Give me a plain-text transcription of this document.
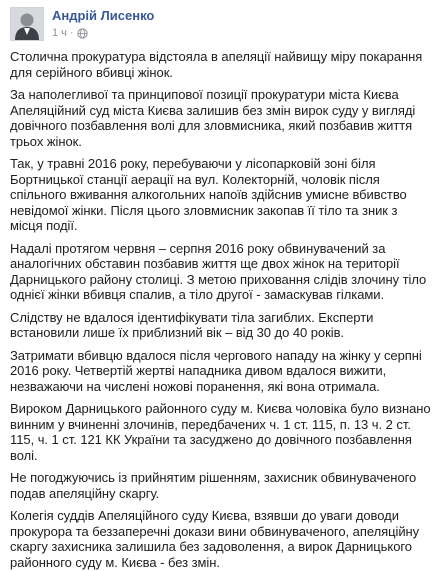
Андрій Лисенко
1 ч ·

Столична прокуратура відстояла в апеляції найвищу міру покарання для серійного вбивці жінок.

За наполегливої та принципової позиції прокуратури міста Києва Апеляційний суд міста Києва залишив без змін вирок суду у вигляді довічного позбавлення волі для зловмисника, який позбавив життя трьох жінок.

Так, у травні 2016 року, перебуваючи у лісопарковій зоні біля Бортницької станції аерації на вул. Колекторній, чоловік після спільного вживання алкогольних напоїв здійснив умисне вбивство невідомої жінки. Після цього зловмисник закопав її тіло та зник з місця події.

Надалі протягом червня – серпня 2016 року обвинувачений за аналогічних обставин позбавив життя ще двох жінок на території Дарницького району столиці. З метою приховання слідів злочину тіло однієї жінки вбивця спалив, а тіло другої - замаскував гілками.

Слідству не вдалося ідентифікувати тіла загиблих. Експерти встановили лише їх приблизний вік – від 30 до 40 років.

Затримати вбивцю вдалося після чергового нападу на жінку у серпні 2016 року. Четвертій жертві нападника дивом вдалося вижити, незважаючи на числені ножові поранення, які вона отримала.

Вироком Дарницького районного суду м. Києва чоловіка було визнано винним у вчиненні злочинів, передбачених ч. 1 ст. 115, п. 13 ч. 2 ст. 115, ч. 1 ст. 121 КК України та засуджено до довічного позбавлення волі.

Не погоджуючись із прийнятим рішенням, захисник обвинуваченого подав апеляційну скаргу.

Колегія суддів Апеляційного суду Києва, взявши до уваги доводи прокурора та беззаперечні докази вини обвинуваченого, апеляційну скаргу захисника залишила без задоволення, а вирок Дарницького районного суду м. Києва - без змін.
